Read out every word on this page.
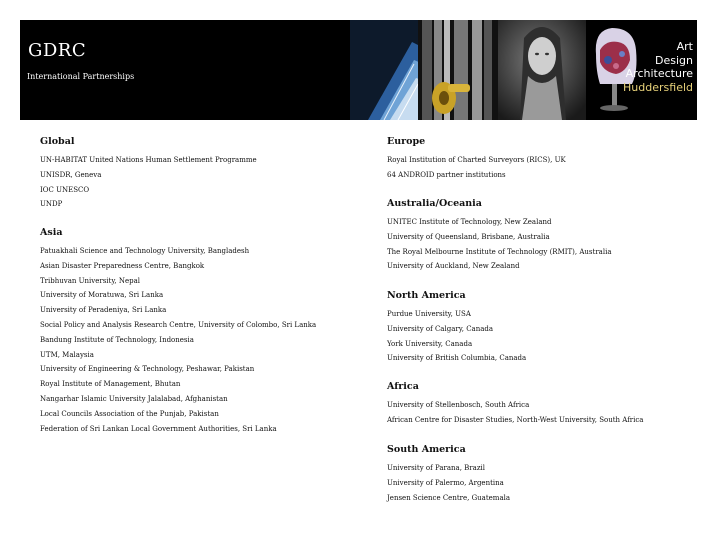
GDRC
International Partnerships
Art
Design
Architecture
Huddersfield
Global
UN-HABITAT United Nations Human Settlement Programme
UNISDR, Geneva
IOC UNESCO
UNDP
Asia
Patuakhali Science and Technology University, Bangladesh
Asian Disaster Preparedness Centre, Bangkok
Tribhuvan University, Nepal
University of Moratuwa, Sri Lanka
University of Peradeniya, Sri Lanka
Social Policy and Analysis Research Centre, University of Colombo, Sri Lanka
Bandung Institute of Technology, Indonesia
UTM, Malaysia
University of Engineering & Technology, Peshawar, Pakistan
Royal Institute of Management, Bhutan
Nangarhar Islamic University Jalalabad, Afghanistan
Local Councils Association of the Punjab, Pakistan
Federation of Sri Lankan Local Government Authorities, Sri Lanka
Europe
Royal Institution of Charted Surveyors (RICS), UK
64 ANDROID partner institutions
Australia/Oceania
UNITEC Institute of Technology, New Zealand
University of Queensland, Brisbane, Australia
The Royal Melbourne Institute of Technology (RMIT), Australia
University of Auckland, New Zealand
North America
Purdue University, USA
University of Calgary, Canada
York University, Canada
University of British Columbia, Canada
Africa
University of Stellenbosch, South Africa
African Centre for Disaster Studies, North-West University, South Africa
South America
University of Parana, Brazil
University of Palermo, Argentina
Jensen Science Centre, Guatemala
